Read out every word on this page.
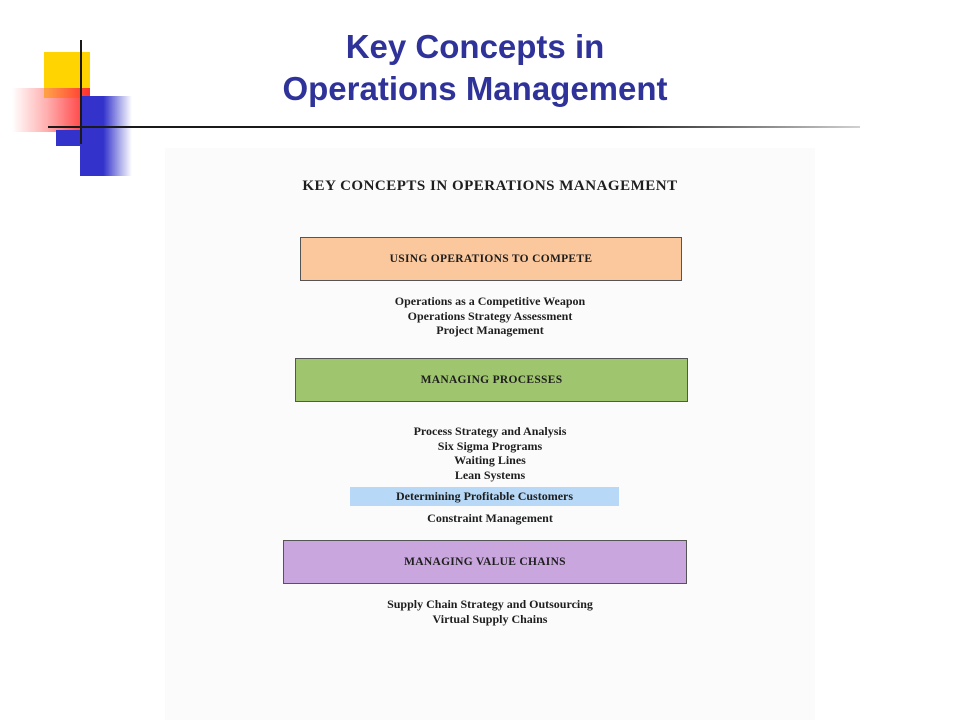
Key Concepts in
Operations Management
KEY CONCEPTS IN OPERATIONS MANAGEMENT
USING OPERATIONS TO COMPETE
Operations as a Competitive Weapon
Operations Strategy Assessment
Project Management
MANAGING PROCESSES
Process Strategy and Analysis
Six Sigma Programs
Waiting Lines
Lean Systems
Determining Profitable Customers
Constraint Management
MANAGING VALUE CHAINS
Supply Chain Strategy and Outsourcing
Virtual Supply Chains
